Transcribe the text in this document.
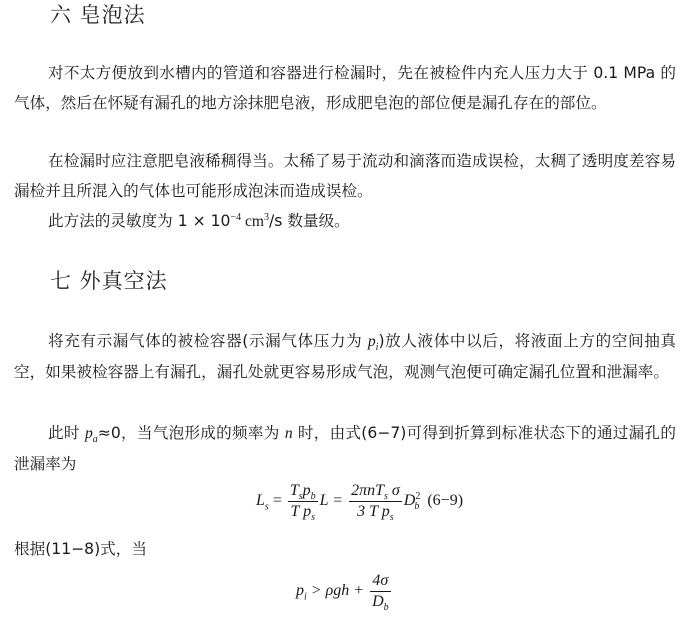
六 皂泡法

对不太方便放到水槽内的管道和容器进行检漏时，先在被检件内充人压力大于 0.1 MPa 的气体，然后在怀疑有漏孔的地方涂抹肥皂液，形成肥皂泡的部位便是漏孔存在的部位。

在检漏时应注意肥皂液稀稠得当。太稀了易于流动和滴落而造成误检，太稠了透明度差容易漏检并且所混入的气体也可能形成泡沫而造成误检。

此方法的灵敏度为 $1 \times 10^{-4}$ $cm^3/s$ 数量级。

七 外真空法

将充有示漏气体的被检容器(示漏气体压力为 $p_i$)放人液体中以后，将液面上方的空间抽真空，如果被检容器上有漏孔，漏孔处就更容易形成气泡，观测气泡便可确定漏孔位置和泄漏率。

此时 $p_a\approx 0$，当气泡形成的频率为 n 时，由式(6−7)可得到折算到标准状态下的通过漏孔的泄漏率为

$L_s = \frac{T_sp_b}{T p_s}$ $L = \frac{2\pi nT_s \sigma}{3 T p_s} D^2_b$ (6−9)

根据(11−8)式，当

$p_i > \rho gh + \frac{4\sigma}{D_b}$
